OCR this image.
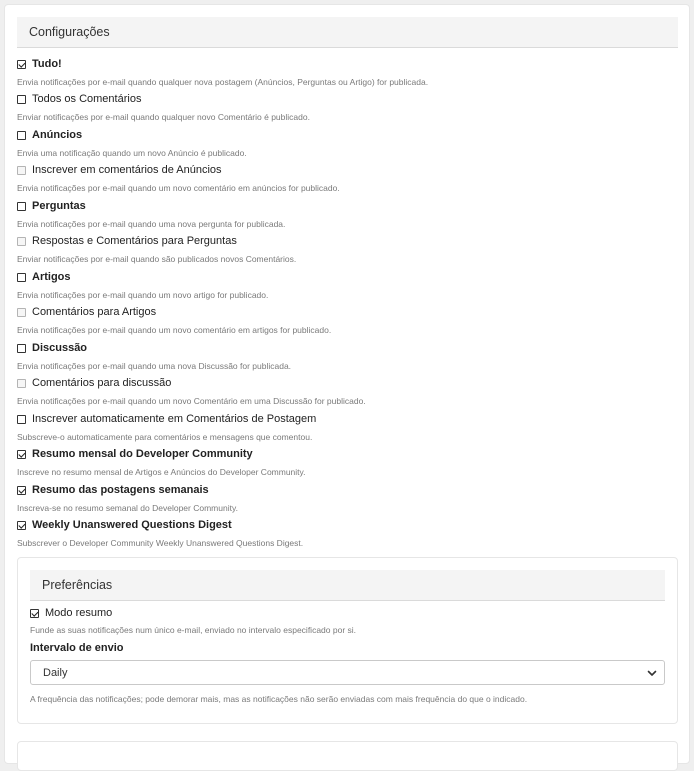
Configurações
Tudo!
Envia notificações por e-mail quando qualquer nova postagem (Anúncios, Perguntas ou Artigo) for publicada.
Todos os Comentários
Enviar notificações por e-mail quando qualquer novo Comentário é publicado.
Anúncios
Envia uma notificação quando um novo Anúncio é publicado.
Inscrever em comentários de Anúncios
Envia notificações por e-mail quando um novo comentário em anúncios for publicado.
Perguntas
Envia notificações por e-mail quando uma nova pergunta for publicada.
Respostas e Comentários para Perguntas
Enviar notificações por e-mail quando são publicados novos Comentários.
Artigos
Envia notificações por e-mail quando um novo artigo for publicado.
Comentários para Artigos
Envia notificações por e-mail quando um novo comentário em artigos for publicado.
Discussão
Envia notificações por e-mail quando uma nova Discussão for publicada.
Comentários para discussão
Envia notificações por e-mail quando um novo Comentário em uma Discussão for publicado.
Inscrever automaticamente em Comentários de Postagem
Subscreve-o automaticamente para comentários e mensagens que comentou.
Resumo mensal do Developer Community
Inscreve no resumo mensal de Artigos e Anúncios do Developer Community.
Resumo das postagens semanais
Inscreva-se no resumo semanal do Developer Community.
Weekly Unanswered Questions Digest
Subscrever o Developer Community Weekly Unanswered Questions Digest.
Preferências
Modo resumo
Funde as suas notificações num único e-mail, enviado no intervalo especificado por si.
Intervalo de envio
Daily
A frequência das notificações; pode demorar mais, mas as notificações não serão enviadas com mais frequência do que o indicado.
